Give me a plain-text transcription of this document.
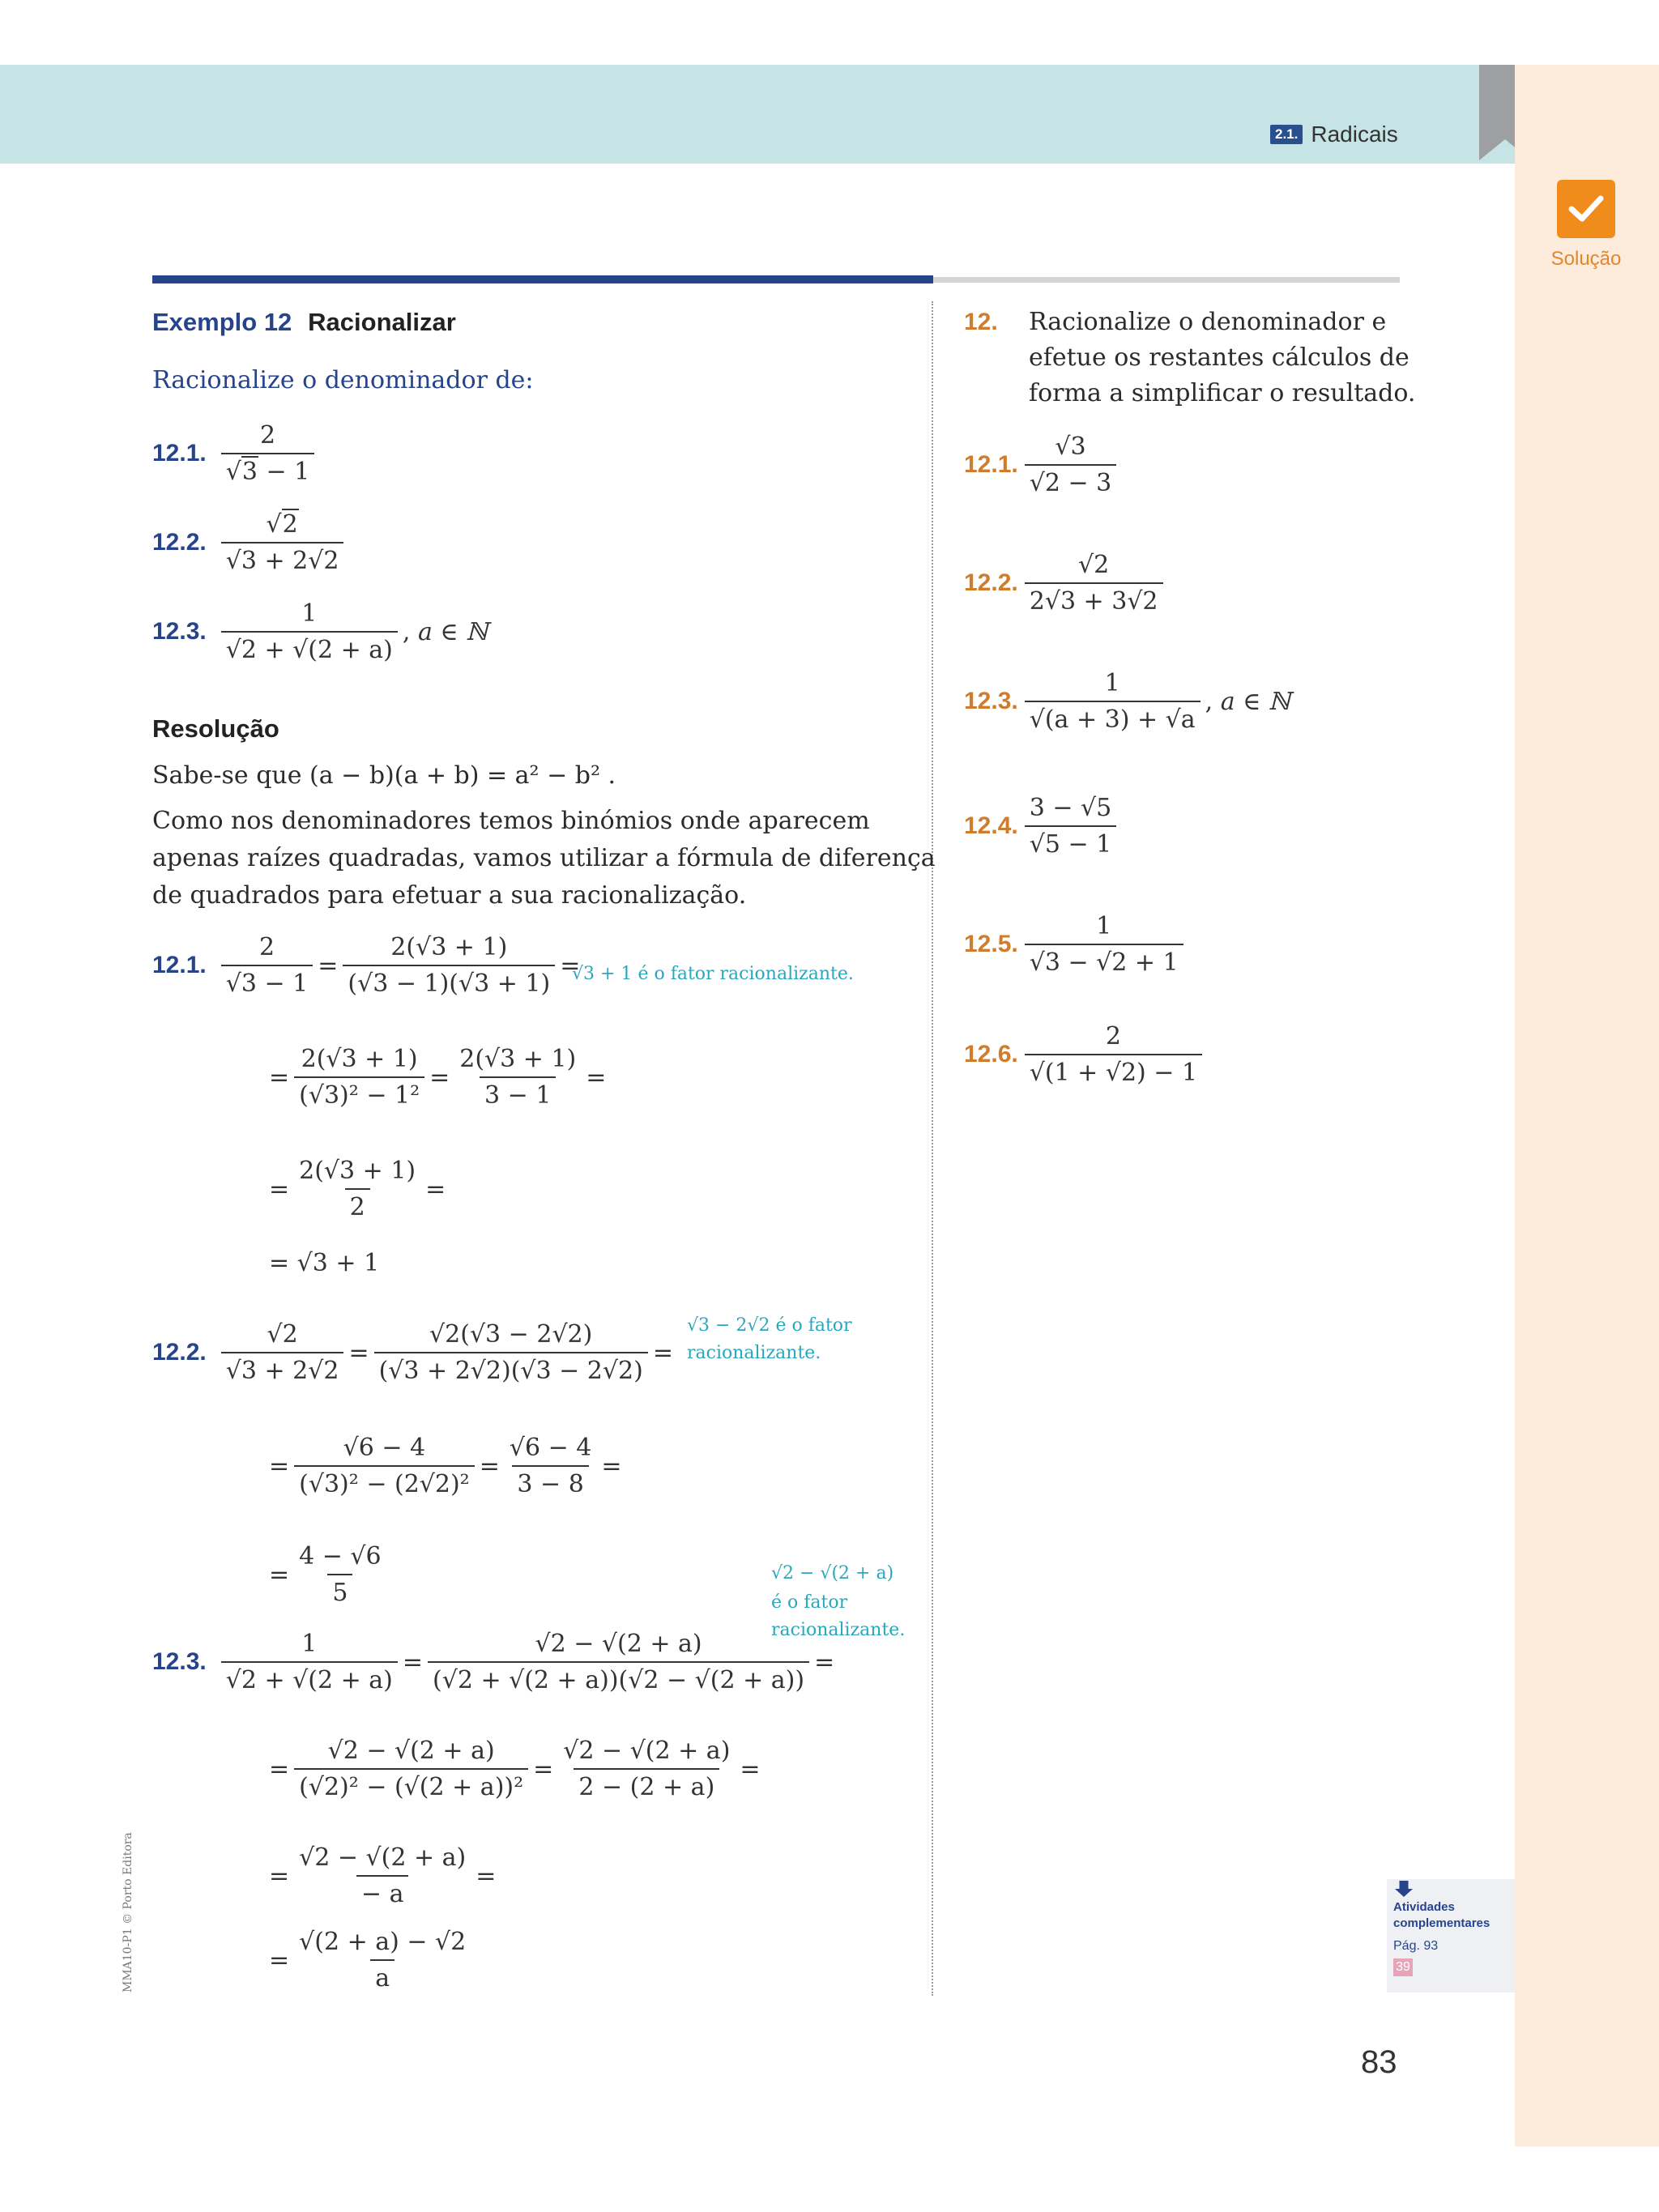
2.1. Radicais
Solução
Exemplo 12 Racionalizar
Racionalize o denominador de:
12.1. 2
√ 3 − 1
12.2.
√ $\frac{2}{√3 + 2√2}$
12.3. $\frac{1}{√2 + √(2 + a)}$ , a ∈ ℕ
Resolução
Sabe-se que (a − b)(a + b) = a² − b² .
Como nos denominadores temos binómios onde aparecem
apenas raízes quadradas, vamos utilizar a fórmula de diferença
de quadrados para efetuar a sua racionalização.
12.1. $\frac{2}{√3 - 1} = \frac{2(√3 + 1)}{(√3 - 1)(√3 + 1)}$ =
√3 + 1 é o fator racionalizante.
= $\frac{2(√3 + 1)}{\text{(√3)² − 1²}} = \frac{2(√3 + 1)}{3 - 1}$ =
= $\frac{2(√3 + 1)}{2}$ =
= √3 + 1
12.2. $\frac{√2}{√3 + 2√2} = \frac{√2(√3 - 2√2)}{(√3 + 2√2)(√3 - 2√2)}$ =
√3 − 2√2 é o fator
racionalizante.
= $\frac{√6 - 4}{\text{(√3)² − (2√2)²}} = \frac{√6 - 4}{3 - 8}$ =
= $\frac{4 - √6}{5}$	√2 − √(2 + a)
é o fator
racionalizante.
12.3. $\frac{1}{√2 + √(2 + a)} = \frac{√2 - √(2 + a)}{(√2 + √(2 + a))(√2 - √(2 + a))}$ =
= $\frac{√2 - √(2 + a)}{\text{(√2)² − (√(2 + a))²}} = \frac{√2 - √(2 + a)}{2 - (2 + a)}$ =
= $\frac{√2 - √(2 + a)}{- a}$ =
= $\frac{√(2 + a) - √2}{a}$
12. Racionalize o denominador e
efetue os restantes cálculos de
forma a simplificar o resultado.
12.1. $\frac{√3}{√2 - 3}$
12.2. $\frac{√2}{2√3 + 3√2}$
12.3. $\frac{1}{√(a + 3) + √a}$ , a ∈ ℕ
12.4. $\frac{3 - √5}{√5 - 1}$
12.5. $\frac{1}{√3 - √2 + 1}$
12.6. $\frac{2}{√(1 + √2) - 1}$
Atividades
complementares
Pág. 93
39
MMA10-P1 © Porto Editora
83
